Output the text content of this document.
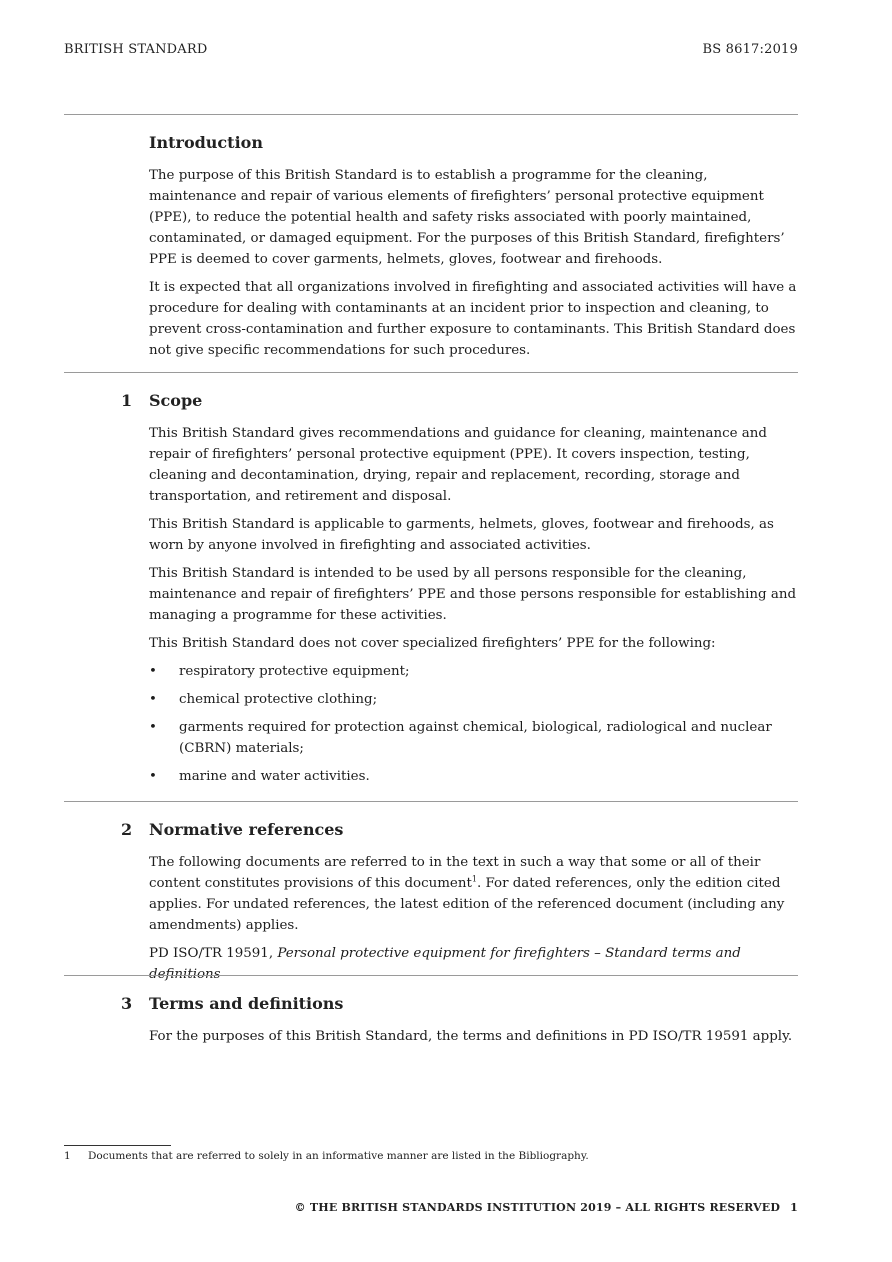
BRITISH STANDARD	BS 8617:2019
Introduction

The purpose of this British Standard is to establish a programme for the cleaning, maintenance and repair of various elements of firefighters’ personal protective equipment (PPE), to reduce the potential health and safety risks associated with poorly maintained, contaminated, or damaged equipment. For the purposes of this British Standard, firefighters’ PPE is deemed to cover garments, helmets, gloves, footwear and firehoods.

It is expected that all organizations involved in firefighting and associated activities will have a procedure for dealing with contaminants at an incident prior to inspection and cleaning, to prevent cross-contamination and further exposure to contaminants. This British Standard does not give specific recommendations for such procedures.

1 Scope

This British Standard gives recommendations and guidance for cleaning, maintenance and repair of firefighters’ personal protective equipment (PPE). It covers inspection, testing, cleaning and decontamination, drying, repair and replacement, recording, storage and transportation, and retirement and disposal.

This British Standard is applicable to garments, helmets, gloves, footwear and firehoods, as worn by anyone involved in firefighting and associated activities.

This British Standard is intended to be used by all persons responsible for the cleaning, maintenance and repair of firefighters’ PPE and those persons responsible for establishing and managing a programme for these activities.

This British Standard does not cover specialized firefighters’ PPE for the following:

• respiratory protective equipment;
• chemical protective clothing;
• garments required for protection against chemical, biological, radiological and nuclear (CBRN) materials;
• marine and water activities.
2 Normative references

The following documents are referred to in the text in such a way that some or all of their content constitutes provisions of this document$^1$. For dated references, only the edition cited applies. For undated references, the latest edition of the referenced document (including any amendments) applies.

PD ISO/TR 19591, Personal protective equipment for firefighters – Standard terms and definitions

3 Terms and definitions

For the purposes of this British Standard, the terms and definitions in PD ISO/TR 19591 apply.

1 Documents that are referred to solely in an informative manner are listed in the Bibliography.
© THE BRITISH STANDARDS INSTITUTION 2019 – ALL RIGHTS RESERVED 1
